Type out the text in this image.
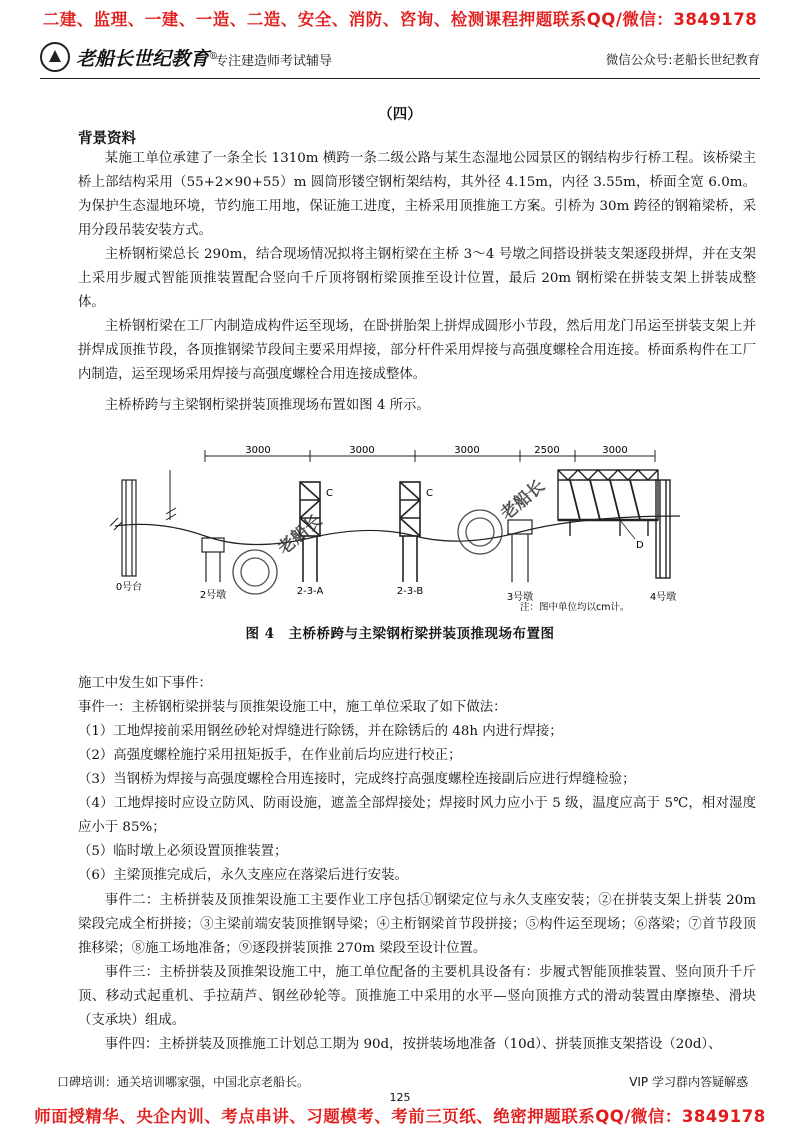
二建、监理、一建、一造、二造、安全、消防、咨询、检测课程押题联系QQ/微信：3849178
老船长世纪教育 ®
专注建造师考试辅导	微信公众号:老船长世纪教育
（四）
背景资料
某施工单位承建了一条全长 1310m 横跨一条二级公路与某生态湿地公园景区的钢结构步行桥工程。该桥梁主桥上部结构采用（55+2×90+55）m 圆筒形镂空钢桁架结构，其外径 4.15m，内径 3.55m，桥面全宽 6.0m。为保护生态湿地环境，节约施工用地，保证施工进度，主桥采用顶推施工方案。引桥为 30m 跨径的钢箱梁桥，采用分段吊装安装方式。
主桥钢桁梁总长 290m，结合现场情况拟将主钢桁梁在主桥 3～4 号墩之间搭设拼装支架逐段拼焊，并在支架上采用步履式智能顶推装置配合竖向千斤顶将钢桁梁顶推至设计位置，最后 20m 钢桁梁在拼装支架上拼装成整体。
主桥钢桁梁在工厂内制造成构件运至现场，在卧拼胎架上拼焊成圆形小节段，然后用龙门吊运至拼装支架上并拼焊成顶推节段，各顶推钢梁节段间主要采用焊接，部分杆件采用焊接与高强度螺栓合用连接。桥面系构件在工厂内制造，运至现场采用焊接与高强度螺栓合用连接成整体。
主桥桥跨与主梁钢桁梁拼装顶推现场布置如图 4 所示。
3000	3000	3000	2500	3000
C	C
D
老船长
老船长
0号台
2号墩	2-3-A	2-3-B
3号墩	4号墩
注：图中单位均以cm计。
图 4　主桥桥跨与主梁钢桁梁拼装顶推现场布置图
施工中发生如下事件：
事件一：主桥钢桁梁拼装与顶推架设施工中，施工单位采取了如下做法：
（1）工地焊接前采用钢丝砂轮对焊缝进行除锈，并在除锈后的 48h 内进行焊接；
（2）高强度螺栓施拧采用扭矩扳手，在作业前后均应进行校正；
（3）当钢桥为焊接与高强度螺栓合用连接时，完成终拧高强度螺栓连接副后应进行焊缝检验；
（4）工地焊接时应设立防风、防雨设施，遮盖全部焊接处；焊接时风力应小于 5 级，温度应高于 5℃，相对湿度应小于 85%；
（5）临时墩上必须设置顶推装置；
（6）主梁顶推完成后，永久支座应在落梁后进行安装。
事件二：主桥拼装及顶推架设施工主要作业工序包括①钢梁定位与永久支座安装；②在拼装支架上拼装 20m 梁段完成全桁拼接；③主梁前端安装顶推钢导梁；④主桁钢梁首节段拼接；⑤构件运至现场；⑥落梁；⑦首节段顶推移梁；⑧施工场地准备；⑨逐段拼装顶推 270m 梁段至设计位置。
事件三：主桥拼装及顶推架设施工中，施工单位配备的主要机具设备有：步履式智能顶推装置、竖向顶升千斤顶、移动式起重机、手拉葫芦、钢丝砂轮等。顶推施工中采用的水平—竖向顶推方式的滑动装置由摩擦垫、滑块（支承块）组成。
事件四：主桥拼装及顶推施工计划总工期为 90d，按拼装场地准备（10d）、拼装顶推支架搭设（20d）、
口碑培训：通关培训哪家强，中国北京老船长。	VIP 学习群内答疑解惑
125
师面授精华、央企内训、考点串讲、习题模考、考前三页纸、绝密押题联系QQ/微信：3849178
